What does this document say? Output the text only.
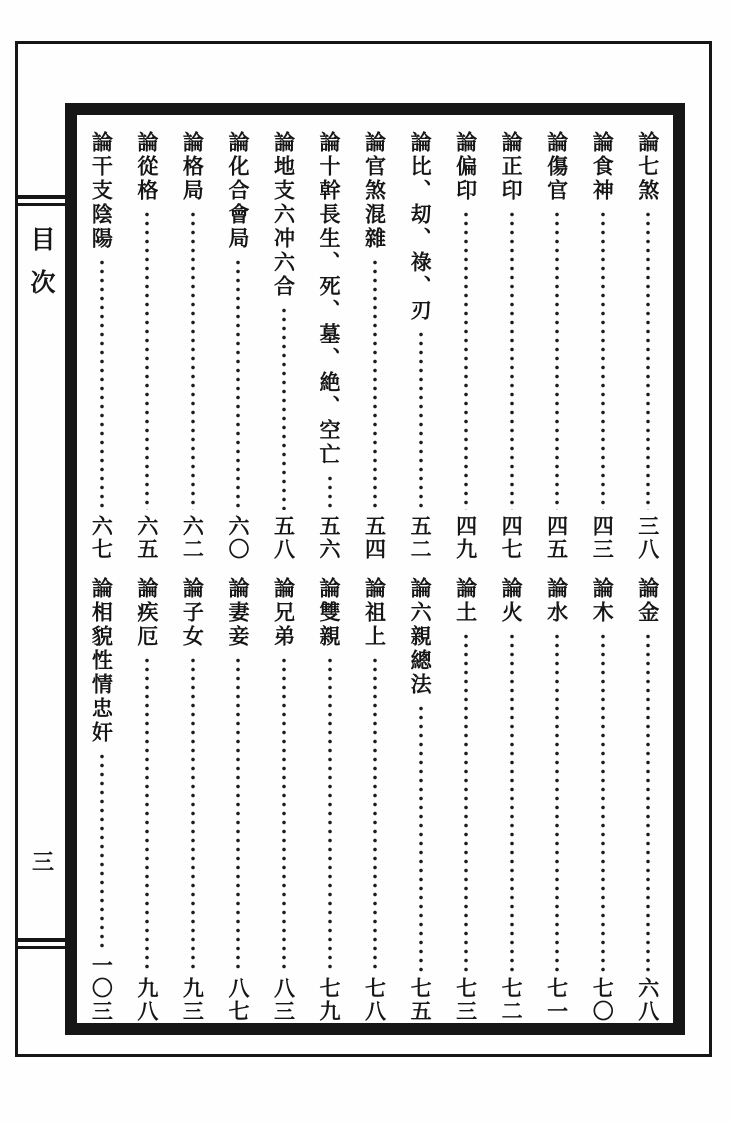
目次
三
論七煞
三八
論金
六八
論食神
四三
論木
七〇
論傷官
四五
論水
七一
論正印
四七
論火
七二
論偏印
四九
論土
七三
論比、刧、祿、刃
五二
論六親總法
七五
論官煞混雜
五四
論祖上
七八
論十幹長生、死、墓、絶、空亡
五六
論雙親
七九
論地支六冲六合
五八
論兄弟
八三
論化合會局
六〇
論妻妾
八七
論格局
六二
論子女
九三
論從格
六五
論疾厄
九八
論干支陰陽
六七
論相貌性情忠奸
一〇三
